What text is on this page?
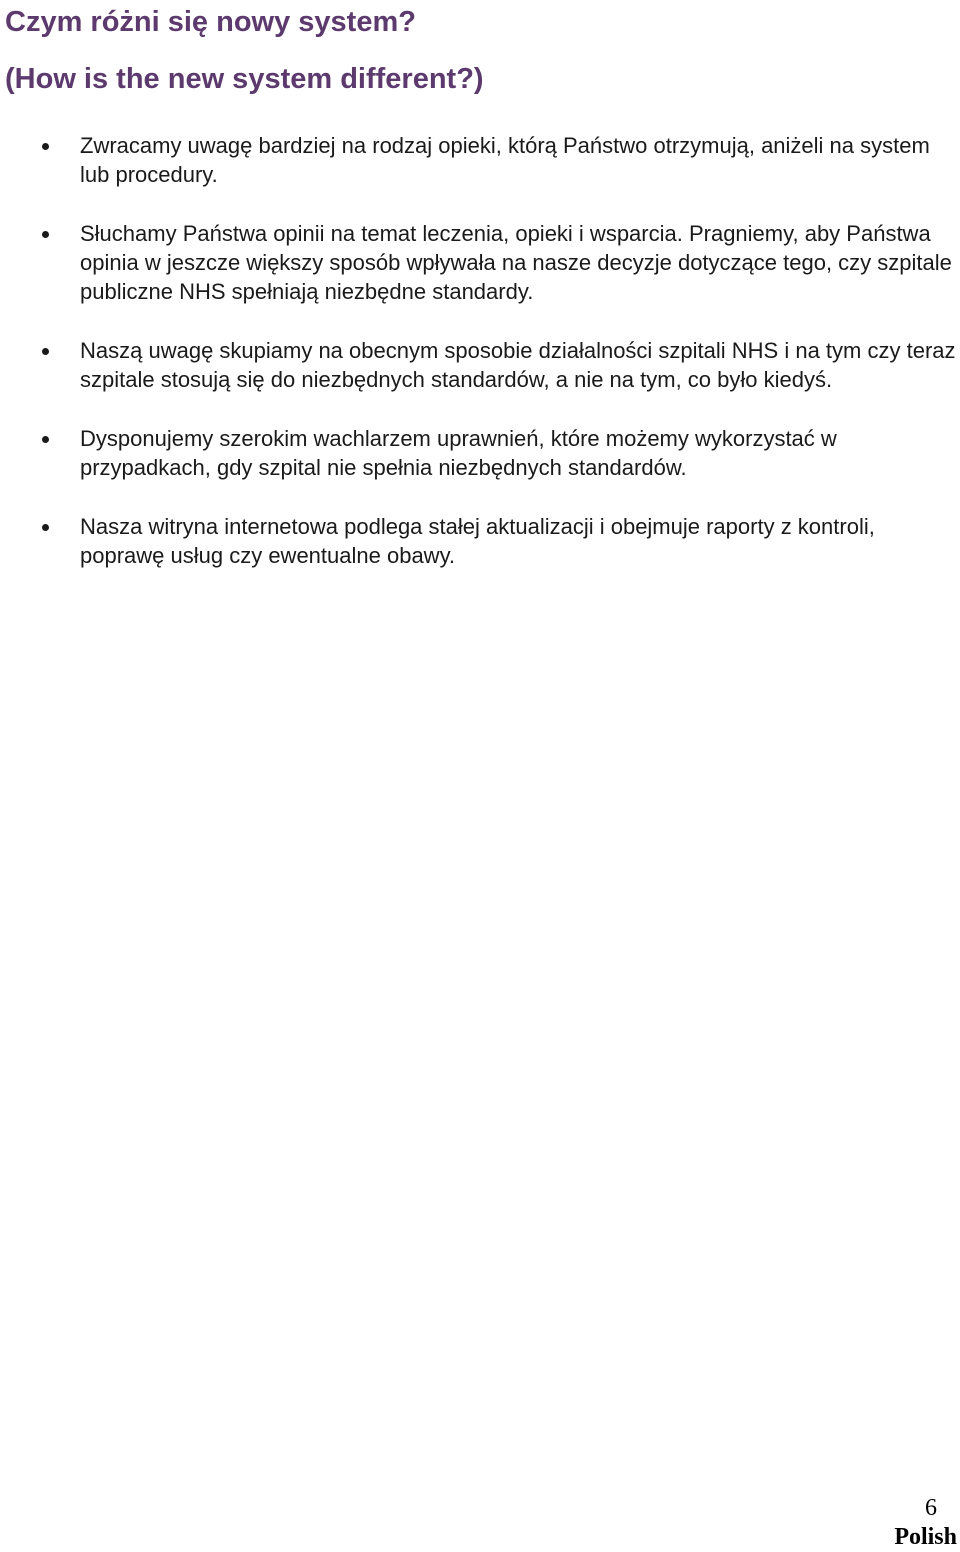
Czym różni się nowy system?
(How is the new system different?)
Zwracamy uwagę bardziej na rodzaj opieki, którą Państwo otrzymują, aniżeli na system lub procedury.
Słuchamy Państwa opinii na temat leczenia, opieki i wsparcia. Pragniemy, aby Państwa opinia w jeszcze większy sposób wpływała na nasze decyzje dotyczące tego, czy szpitale publiczne NHS spełniają niezbędne standardy.
Naszą uwagę skupiamy na obecnym sposobie działalności szpitali NHS i na tym czy teraz szpitale stosują się do niezbędnych standardów, a nie na tym, co było kiedyś.
Dysponujemy szerokim wachlarzem uprawnień, które możemy wykorzystać w przypadkach, gdy szpital nie spełnia niezbędnych standardów.
Nasza witryna internetowa podlega stałej aktualizacji i obejmuje raporty z kontroli, poprawę usług czy ewentualne obawy.
6
Polish
